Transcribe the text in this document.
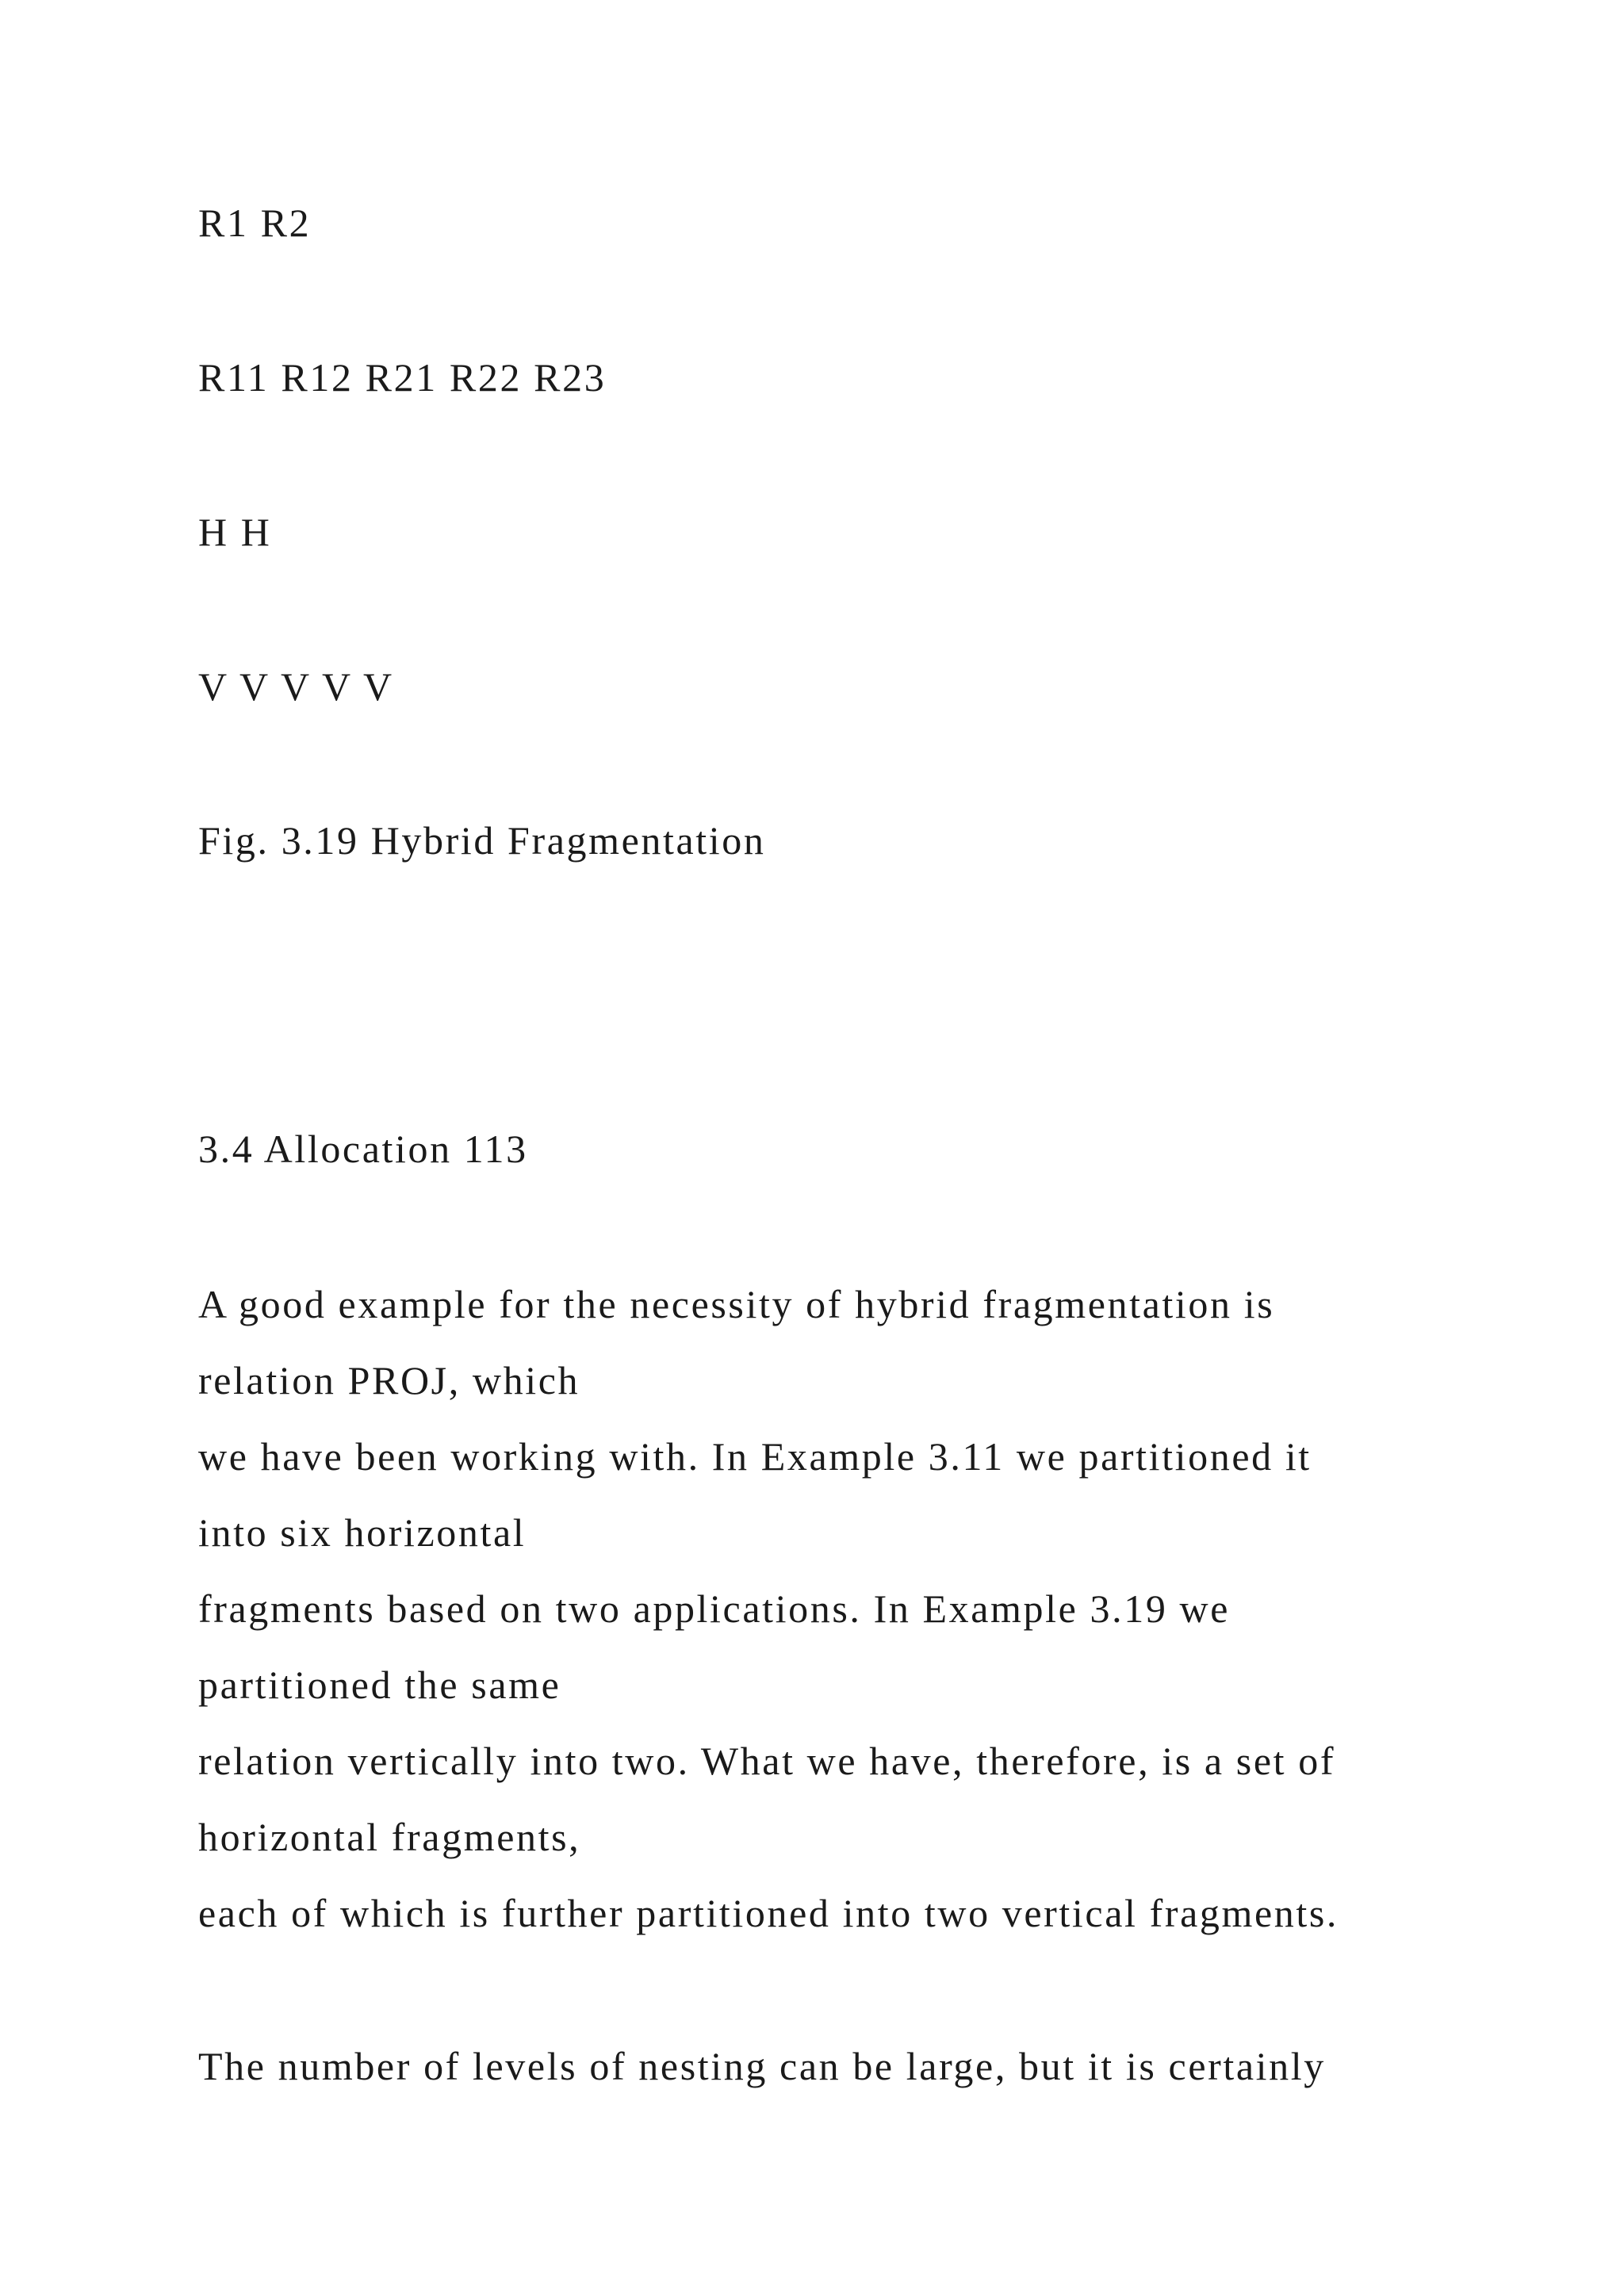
R1 R2

R11 R12 R21 R22 R23

H H

V V V V V

Fig. 3.19 Hybrid Fragmentation

3.4 Allocation 113

A good example for the necessity of hybrid fragmentation is

relation PROJ, which

we have been working with. In Example 3.11 we partitioned it

into six horizontal

fragments based on two applications. In Example 3.19 we

partitioned the same

relation vertically into two. What we have, therefore, is a set of

horizontal fragments,

each of which is further partitioned into two vertical fragments.

The number of levels of nesting can be large, but it is certainly
